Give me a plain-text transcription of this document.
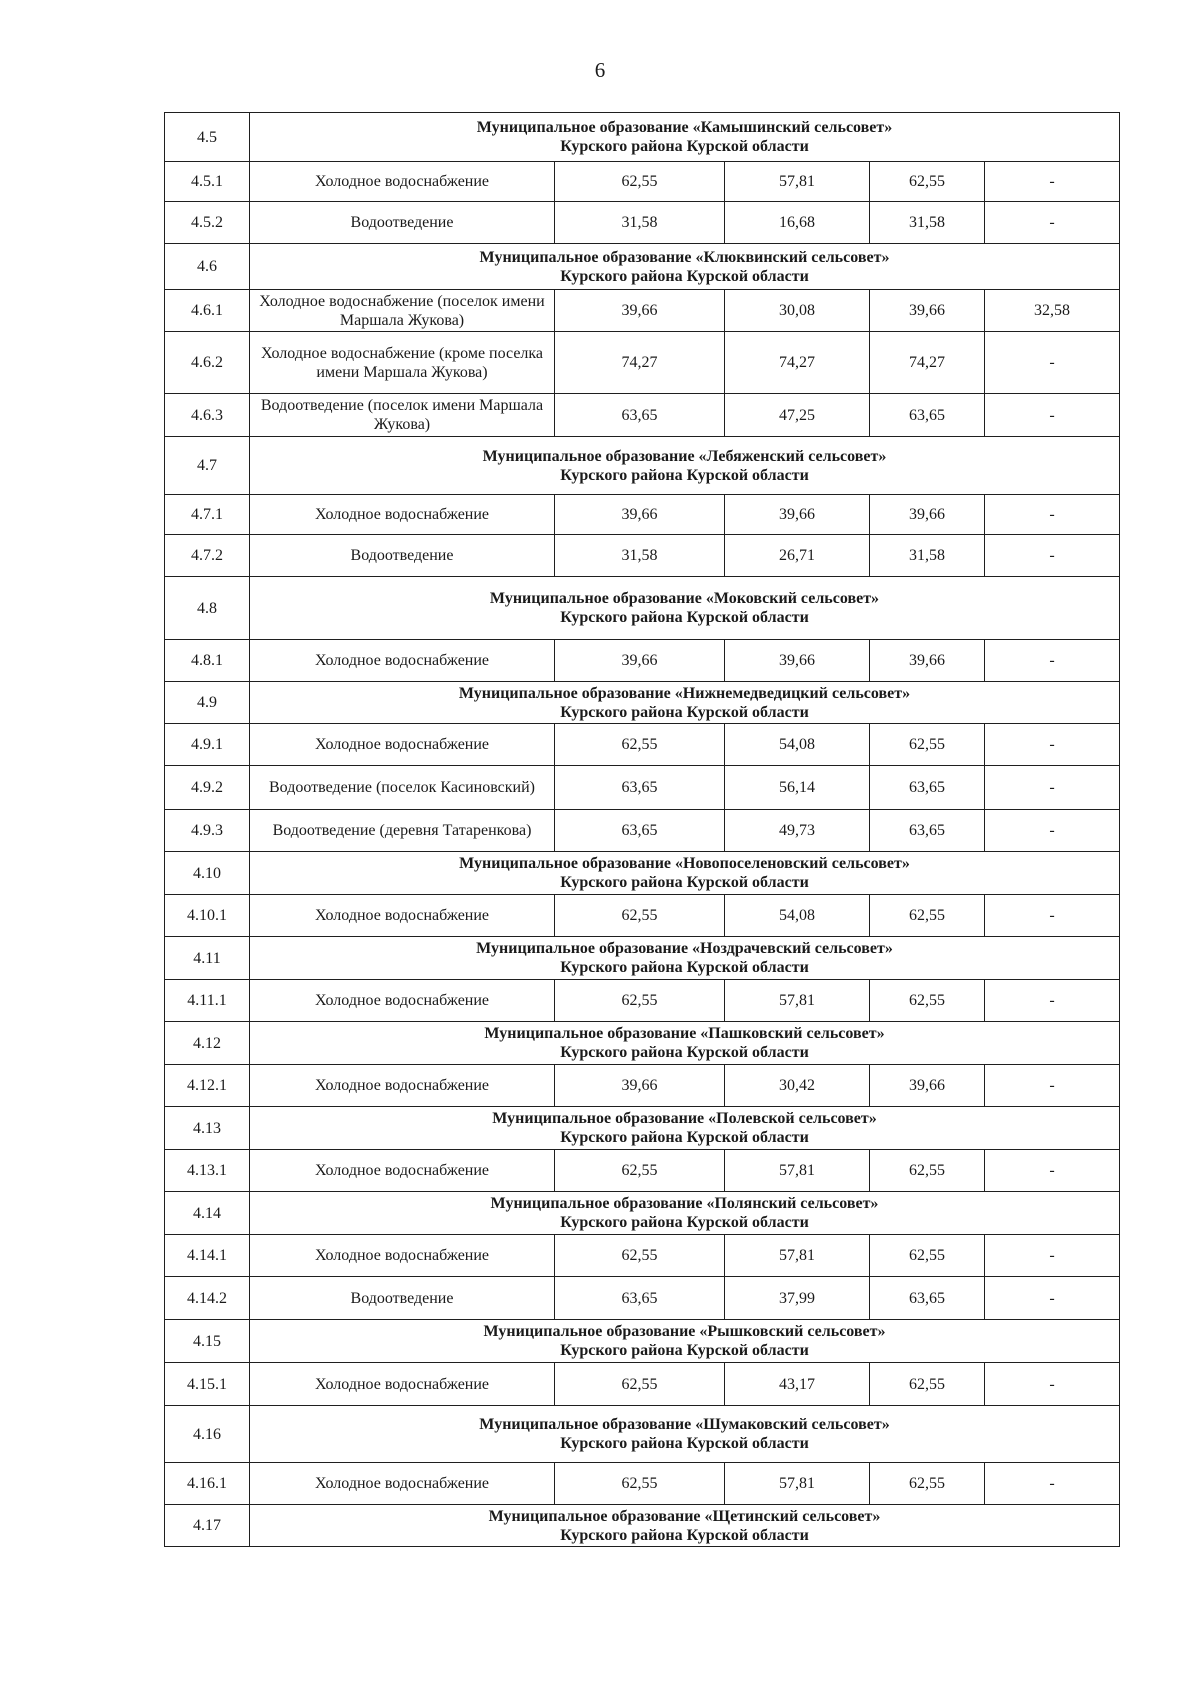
6
4.5	Муниципальное образование «Камышинский сельсовет»
Курского района Курской области				

4.5.1	Холодное водоснабжение	62,55	57,81	62,55	-
4.5.2	Водоотведение	31,58	16,68	31,58	-
4.6	Муниципальное образование «Клюквинский сельсовет»
Курского района Курской области				

4.6.1	Холодное водоснабжение (поселок имени Маршала Жукова)	39,66	30,08	39,66	32,58
4.6.2	Холодное водоснабжение (кроме поселка имени Маршала Жукова)	74,27	74,27	74,27	-
4.6.3	Водоотведение (поселок имени Маршала Жукова)	63,65	47,25	63,65	-
4.7	Муниципальное образование «Лебяженский сельсовет»
Курского района Курской области				

4.7.1	Холодное водоснабжение	39,66	39,66	39,66	-
4.7.2	Водоотведение	31,58	26,71	31,58	-
4.8	Муниципальное образование «Моковский сельсовет»
Курского района Курской области				

4.8.1	Холодное водоснабжение	39,66	39,66	39,66	-
4.9	Муниципальное образование «Нижнемедведицкий сельсовет»
Курского района Курской области				

4.9.1	Холодное водоснабжение	62,55	54,08	62,55	-
4.9.2	Водоотведение (поселок Касиновский)	63,65	56,14	63,65	-
4.9.3	Водоотведение (деревня Татаренкова)	63,65	49,73	63,65	-
4.10	Муниципальное образование «Новопоселеновский сельсовет»
Курского района Курской области				

4.10.1	Холодное водоснабжение	62,55	54,08	62,55	-
4.11	Муниципальное образование «Ноздрачевский сельсовет»
Курского района Курской области				

4.11.1	Холодное водоснабжение	62,55	57,81	62,55	-
4.12	Муниципальное образование «Пашковский сельсовет»
Курского района Курской области				

4.12.1	Холодное водоснабжение	39,66	30,42	39,66	-
4.13	Муниципальное образование «Полевской сельсовет»
Курского района Курской области				

4.13.1	Холодное водоснабжение	62,55	57,81	62,55	-
4.14	Муниципальное образование «Полянский сельсовет»
Курского района Курской области				

4.14.1	Холодное водоснабжение	62,55	57,81	62,55	-
4.14.2	Водоотведение	63,65	37,99	63,65	-
4.15	Муниципальное образование «Рышковский сельсовет»
Курского района Курской области				

4.15.1	Холодное водоснабжение	62,55	43,17	62,55	-
4.16	Муниципальное образование «Шумаковский сельсовет»
Курского района Курской области				

4.16.1	Холодное водоснабжение	62,55	57,81	62,55	-
4.17	Муниципальное образование «Щетинский сельсовет»
Курского района Курской области				
